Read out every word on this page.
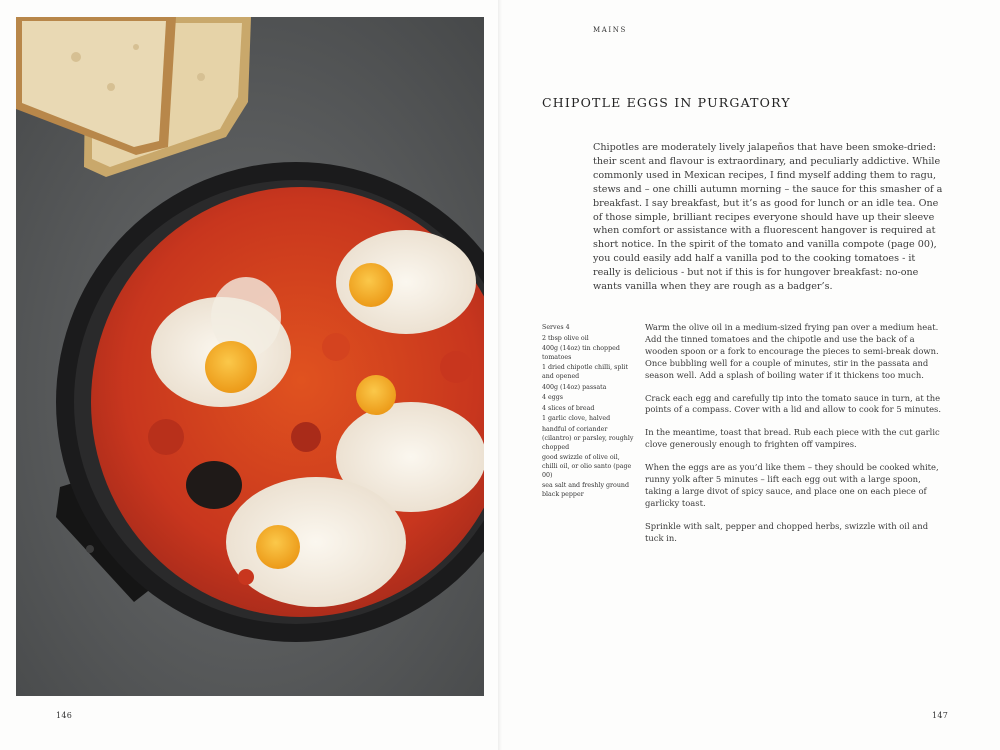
MAINS
CHIPOTLE EGGS IN PURGATORY

Chipotles are moderately lively jalapeños that have been smoke-dried: their scent and flavour is extraordinary, and peculiarly addictive. While commonly used in Mexican recipes, I find myself adding them to ragu, stews and – one chilli autumn morning – the sauce for this smasher of a breakfast. I say breakfast, but it’s as good for lunch or an idle tea. One of those simple, brilliant recipes everyone should have up their sleeve when comfort or assistance with a fluorescent hangover is required at short notice. In the spirit of the tomato and vanilla compote (page 00), you could easily add half a vanilla pod to the cooking tomatoes - it really is delicious - but not if this is for hungover breakfast: no-one wants vanilla when they are rough as a badger’s.

Serves 4
2 tbsp olive oil
400g (14oz) tin chopped tomatoes
1 dried chipotle chilli, split and opened
400g (14oz) passata
4 eggs
4 slices of bread
1 garlic clove, halved
handful of coriander (cilantro) or parsley, roughly chopped
good swizzle of olive oil, chilli oil, or olio santo (page 00)
sea salt and freshly ground black pepper

Warm the olive oil in a medium-sized frying pan over a medium heat. Add the tinned tomatoes and the chipotle and use the back of a wooden spoon or a fork to encourage the pieces to semi-break down. Once bubbling well for a couple of minutes, stir in the passata and season well. Add a splash of boiling water if it thickens too much.

Crack each egg and carefully tip into the tomato sauce in turn, at the points of a compass. Cover with a lid and allow to cook for 5 minutes.

In the meantime, toast that bread. Rub each piece with the cut garlic clove generously enough to frighten off vampires.

When the eggs are as you’d like them – they should be cooked white, runny yolk after 5 minutes – lift each egg out with a large spoon, taking a large divot of spicy sauce, and place one on each piece of garlicky toast.

Sprinkle with salt, pepper and chopped herbs, swizzle with oil and tuck in.

146	147
